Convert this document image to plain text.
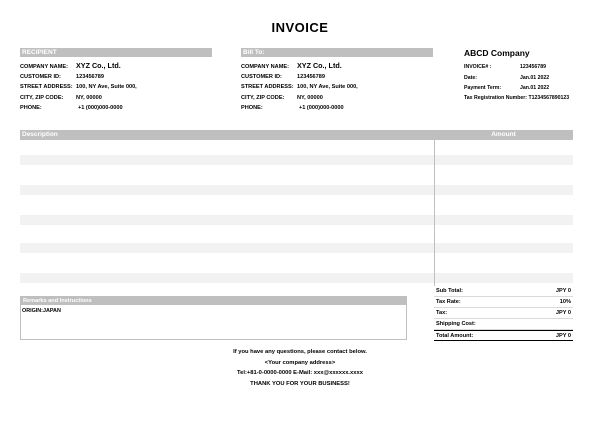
INVOICE
RECIPIENT
COMPANY NAME: XYZ Co., Ltd.
CUSTOMER ID:	123456789
STREET ADDRESS: 100, NY Ave, Suite 000,
CITY, ZIP CODE: NY, 00000
PHONE:	+1 (000)000-0000
Bill To:
COMPANY NAME: XYZ Co., Ltd.
CUSTOMER ID:	123456789
STREET ADDRESS: 100, NY Ave, Suite 000,
CITY, ZIP CODE: NY, 00000
PHONE:	+1 (000)000-0000
ABCD Company
INVOICE# :	123456789
Date:	Jan.01 2022
Payment Term:	Jan.01 2022
Tax Registration Number: T1234567890123
Description	Amount
Remarks and Instructions
ORIGIN:JAPAN
Sub Total:	JPY 0
Tax Rate:	10%
Tax:	JPY 0
Shipping Cost:
Total Amount:	JPY 0
If you have any questions, please contact below.
<Your company address>
Tel:+81-0-0000-0000 E-Mail: xxx@xxxxxx.xxxx
THANK YOU FOR YOUR BUSINESS!
